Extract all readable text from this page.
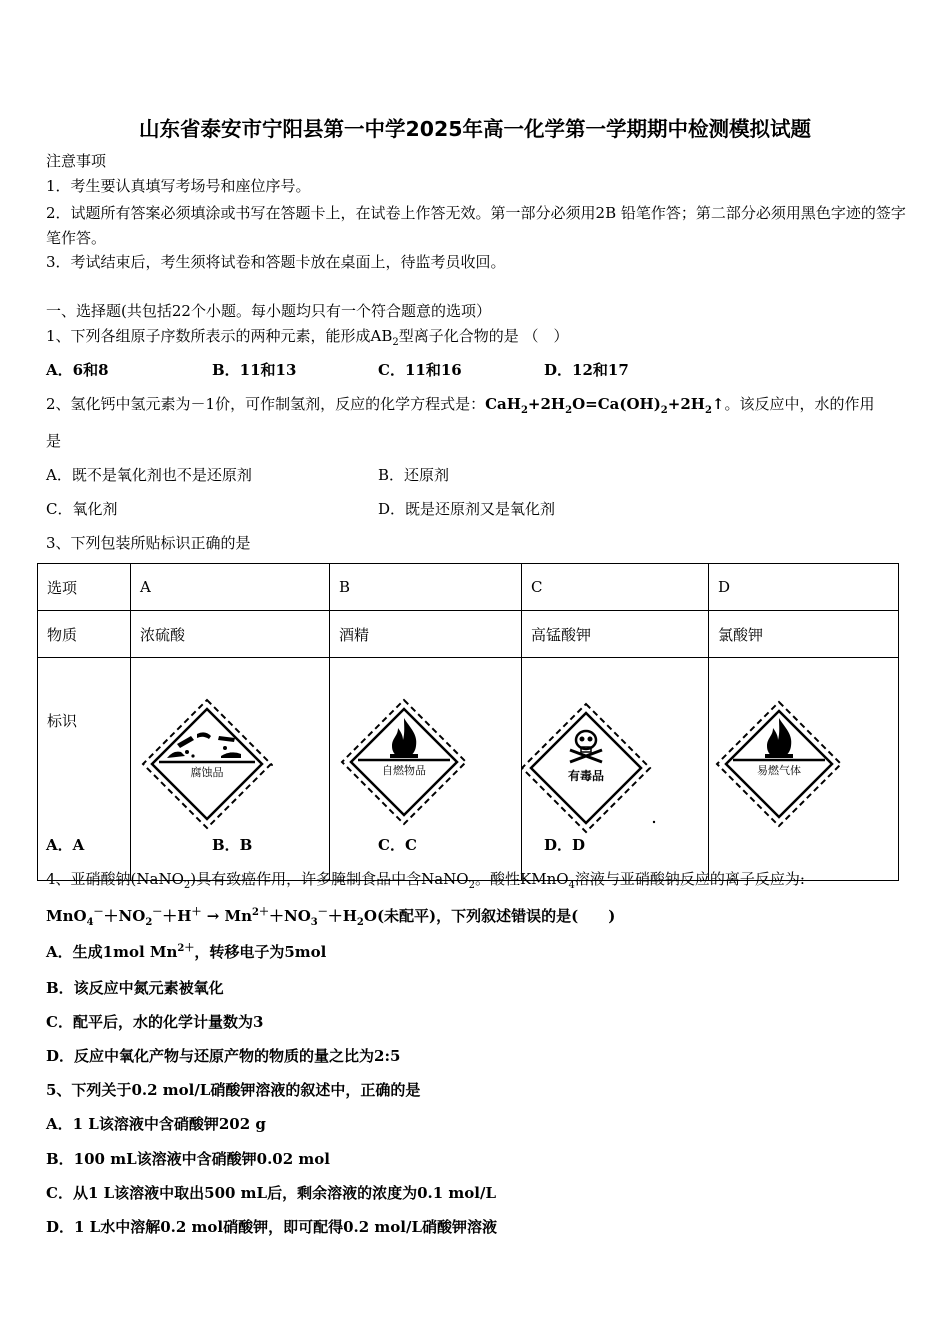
山东省泰安市宁阳县第一中学2025年高一化学第一学期期中检测模拟试题
注意事项
1．考生要认真填写考场号和座位序号。
2．试题所有答案必须填涂或书写在答题卡上，在试卷上作答无效。第一部分必须用2B 铅笔作答；第二部分必须用黑色字迹的签字笔作答。
3．考试结束后，考生须将试卷和答题卡放在桌面上，待监考员收回。
一、选择题(共包括22个小题。每小题均只有一个符合题意的选项）
1、下列各组原子序数所表示的两种元素，能形成$AB_2$型离子化合物的是 （　）
A．6和8	B．11和13	C．11和16	D．12和17
2、氢化钙中氢元素为－1价，可作制氢剂，反应的化学方程式是：$CaH_2+2H_2O=Ca(OH)_2+2H_2↑$。该反应中，水的作用
是
A．既不是氧化剂也不是还原剂	B．还原剂
C．氧化剂	D．既是还原剂又是氧化剂
3、下列包装所贴标识正确的是
选项	A	B	C	D
物质	浓硫酸	酒精	高锰酸钾	氯酸钾
标识	腐蚀品	自燃物品	有毒品	易燃气体
A．A	B．B	C．C	D．D
4、亚硝酸钠(NaNO$_2$)具有致癌作用，许多腌制食品中含NaNO$_2$。酸性KMnO$_4$溶液与亚硝酸钠反应的离子反应为:
$MnO_4^-+NO_2^-+H^+ \to Mn^{2+}+NO_3^-+H_2O$(未配平)，下列叙述错误的是(　　)
A．生成1mol $Mn^{2+}$，转移电子为5mol
B．该反应中氮元素被氧化
C．配平后，水的化学计量数为3
D．反应中氧化产物与还原产物的物质的量之比为2:5
5、下列关于0.2 mol/L硝酸钾溶液的叙述中，正确的是
A．1 L该溶液中含硝酸钾202 g
B．100 mL该溶液中含硝酸钾0.02 mol
C．从1 L该溶液中取出500 mL后，剩余溶液的浓度为0.1 mol/L
D．1 L水中溶解0.2 mol硝酸钾，即可配得0.2 mol/L硝酸钾溶液
